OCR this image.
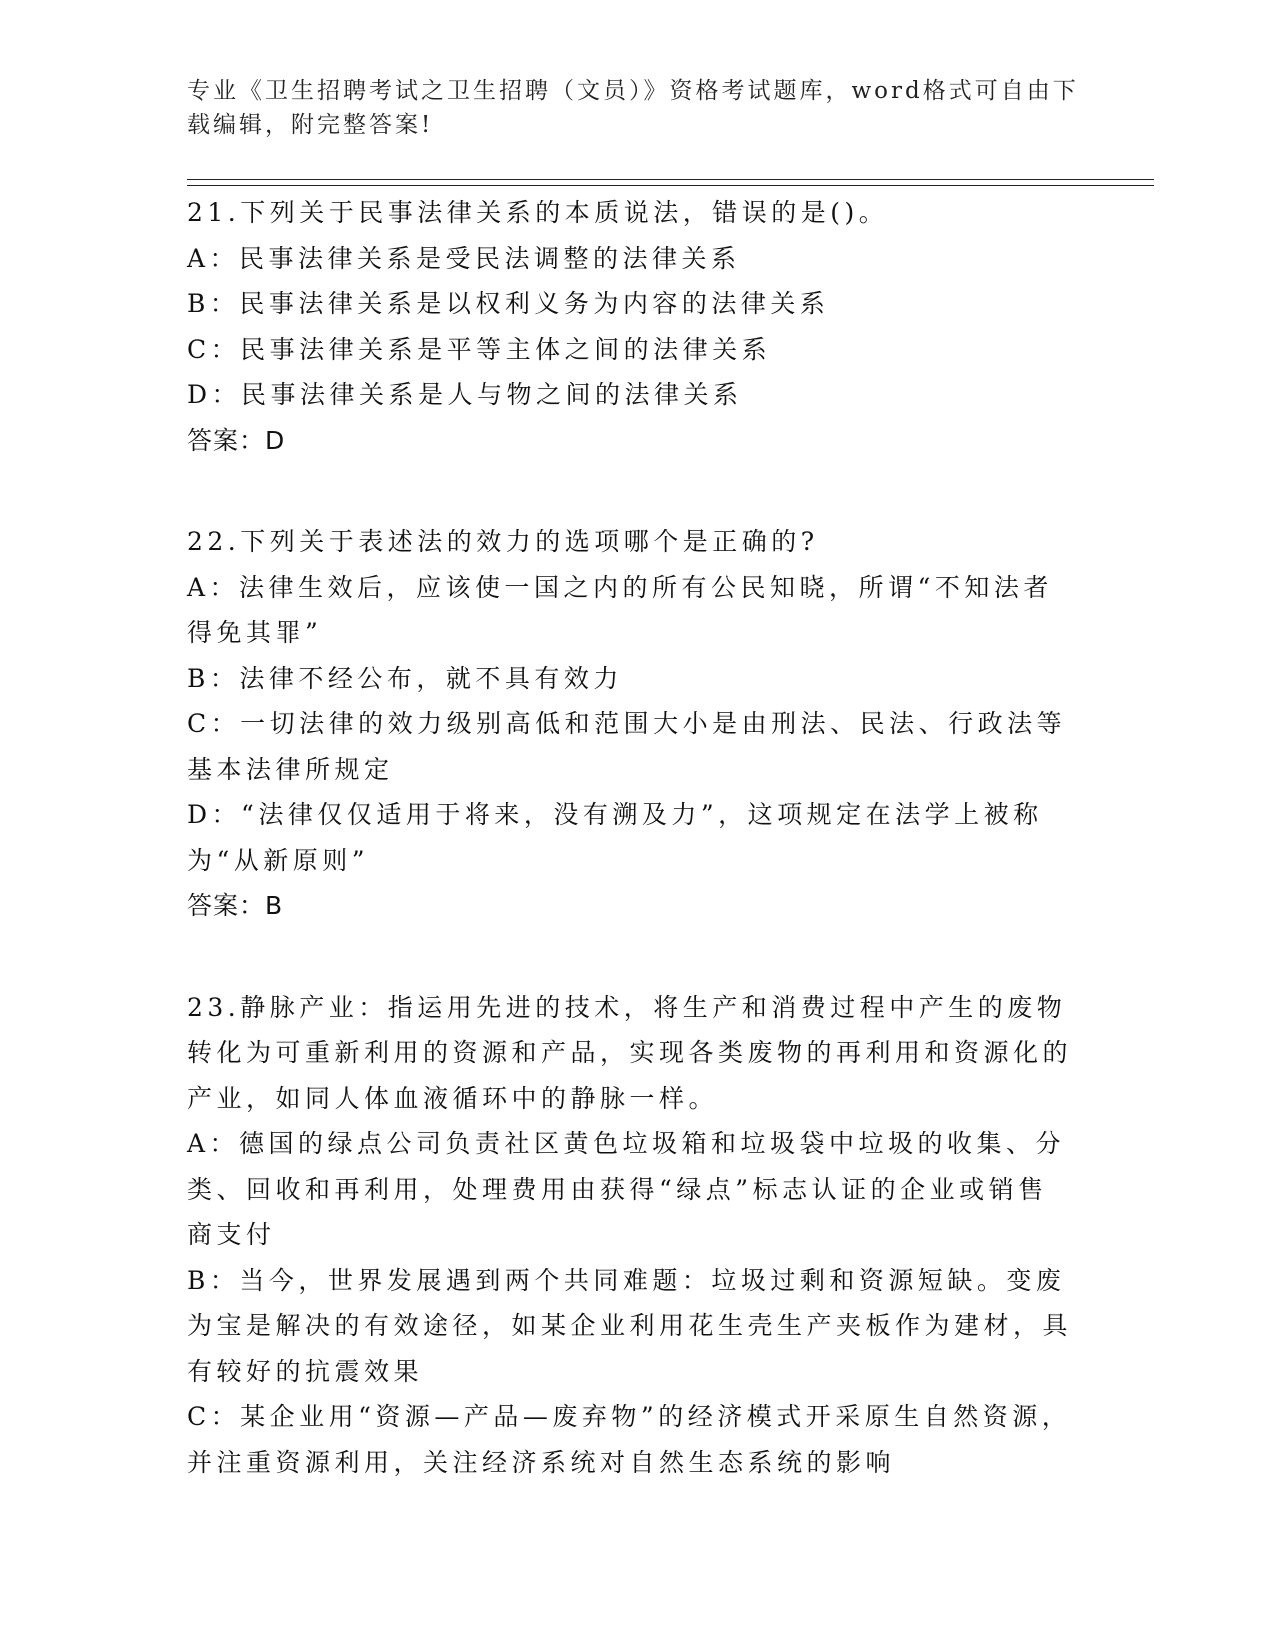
专业《卫生招聘考试之卫生招聘（文员）》资格考试题库，word格式可自由下载编辑，附完整答案!

21.下列关于民事法律关系的本质说法，错误的是()。

A：民事法律关系是受民法调整的法律关系

B：民事法律关系是以权利义务为内容的法律关系

C：民事法律关系是平等主体之间的法律关系

D：民事法律关系是人与物之间的法律关系

答案：D

22.下列关于表述法的效力的选项哪个是正确的?

A：法律生效后，应该使一国之内的所有公民知晓，所谓“不知法者得免其罪”

B：法律不经公布，就不具有效力

C：一切法律的效力级别高低和范围大小是由刑法、民法、行政法等基本法律所规定

D：“法律仅仅适用于将来，没有溯及力”，这项规定在法学上被称为“从新原则”

答案：B

23.静脉产业：指运用先进的技术，将生产和消费过程中产生的废物转化为可重新利用的资源和产品，实现各类废物的再利用和资源化的产业，如同人体血液循环中的静脉一样。

A：德国的绿点公司负责社区黄色垃圾箱和垃圾袋中垃圾的收集、分类、回收和再利用，处理费用由获得“绿点”标志认证的企业或销售商支付

B：当今，世界发展遇到两个共同难题：垃圾过剩和资源短缺。变废为宝是解决的有效途径，如某企业利用花生壳生产夹板作为建材，具有较好的抗震效果

C：某企业用“资源—产品—废弃物”的经济模式开采原生自然资源，并注重资源利用，关注经济系统对自然生态系统的影响
